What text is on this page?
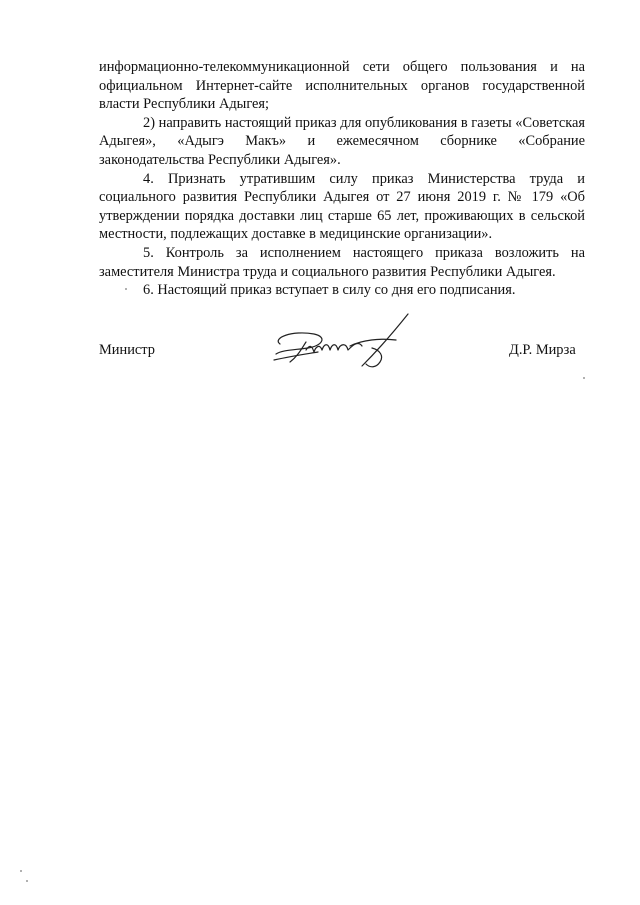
информационно-телекоммуникационной сети общего пользования и на официальном Интернет-сайте исполнительных органов государственной власти Республики Адыгея;

2) направить настоящий приказ для опубликования в газеты «Советская Адыгея», «Адыгэ Макъ» и ежемесячном сборнике «Собрание законодательства Республики Адыгея».

4. Признать утратившим силу приказ Министерства труда и социального развития Республики Адыгея от 27 июня 2019 г. № 179 «Об утверждении порядка доставки лиц старше 65 лет, проживающих в сельской местности, подлежащих доставке в медицинские организации».

5. Контроль за исполнением настоящего приказа возложить на заместителя Министра труда и социального развития Республики Адыгея.

6. Настоящий приказ вступает в силу со дня его подписания.

Министр	Д.Р. Мирза
